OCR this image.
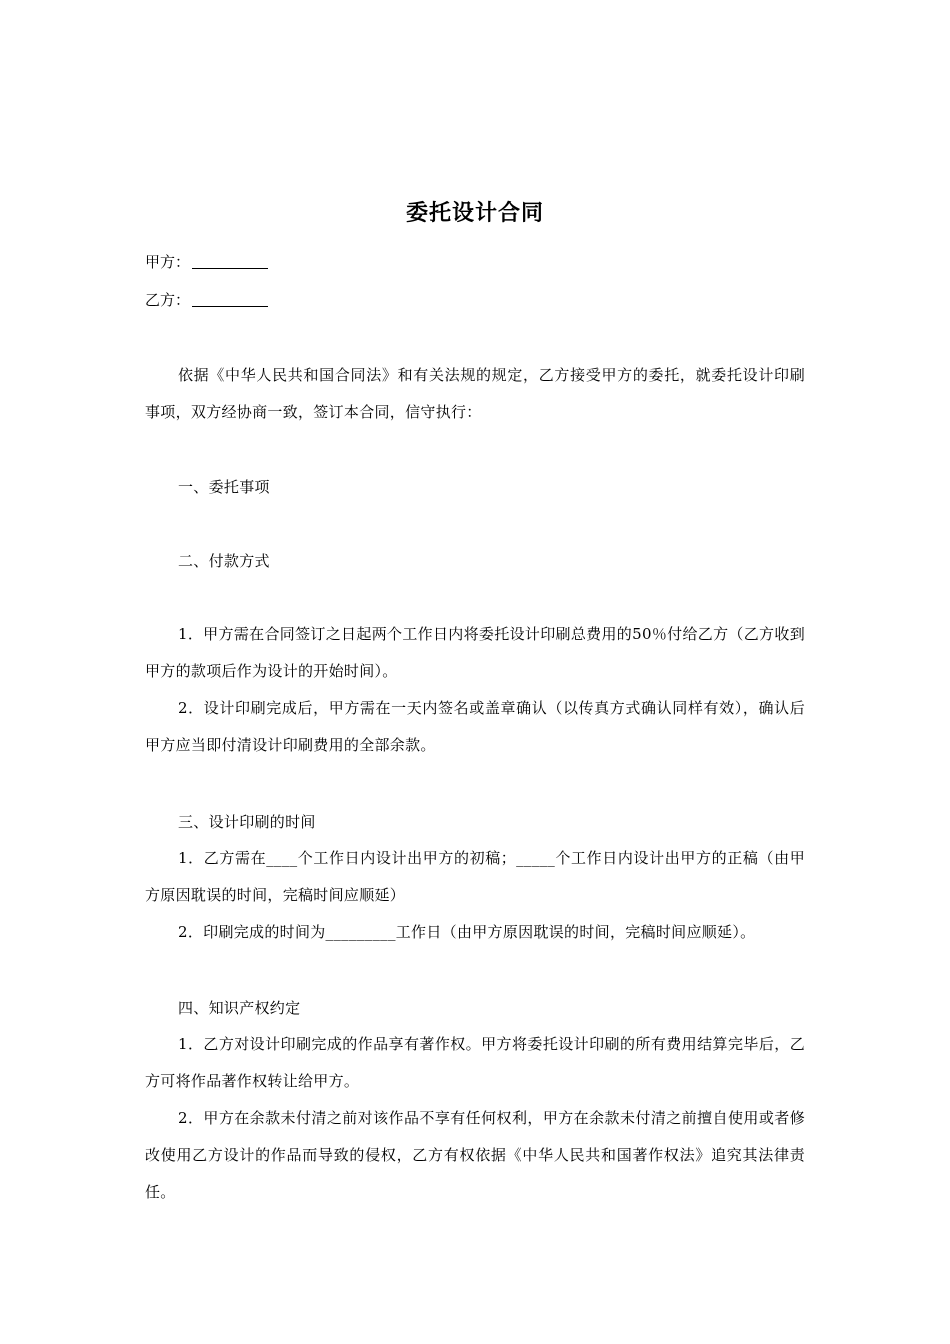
委托设计合同
甲方：
乙方：
依据《中华人民共和国合同法》和有关法规的规定，乙方接受甲方的委托，就委托设计印刷事项，双方经协商一致，签订本合同，信守执行：
一、委托事项
二、付款方式
1．甲方需在合同签订之日起两个工作日内将委托设计印刷总费用的50％付给乙方（乙方收到甲方的款项后作为设计的开始时间）。
2．设计印刷完成后，甲方需在一天内签名或盖章确认（以传真方式确认同样有效），确认后甲方应当即付清设计印刷费用的全部余款。
三、设计印刷的时间
1．乙方需在____个工作日内设计出甲方的初稿；_____个工作日内设计出甲方的正稿（由甲方原因耽误的时间，完稿时间应顺延）
2．印刷完成的时间为_________工作日（由甲方原因耽误的时间，完稿时间应顺延）。
四、知识产权约定
1．乙方对设计印刷完成的作品享有著作权。甲方将委托设计印刷的所有费用结算完毕后，乙方可将作品著作权转让给甲方。
2．甲方在余款未付清之前对该作品不享有任何权利，甲方在余款未付清之前擅自使用或者修改使用乙方设计的作品而导致的侵权，乙方有权依据《中华人民共和国著作权法》追究其法律责任。
